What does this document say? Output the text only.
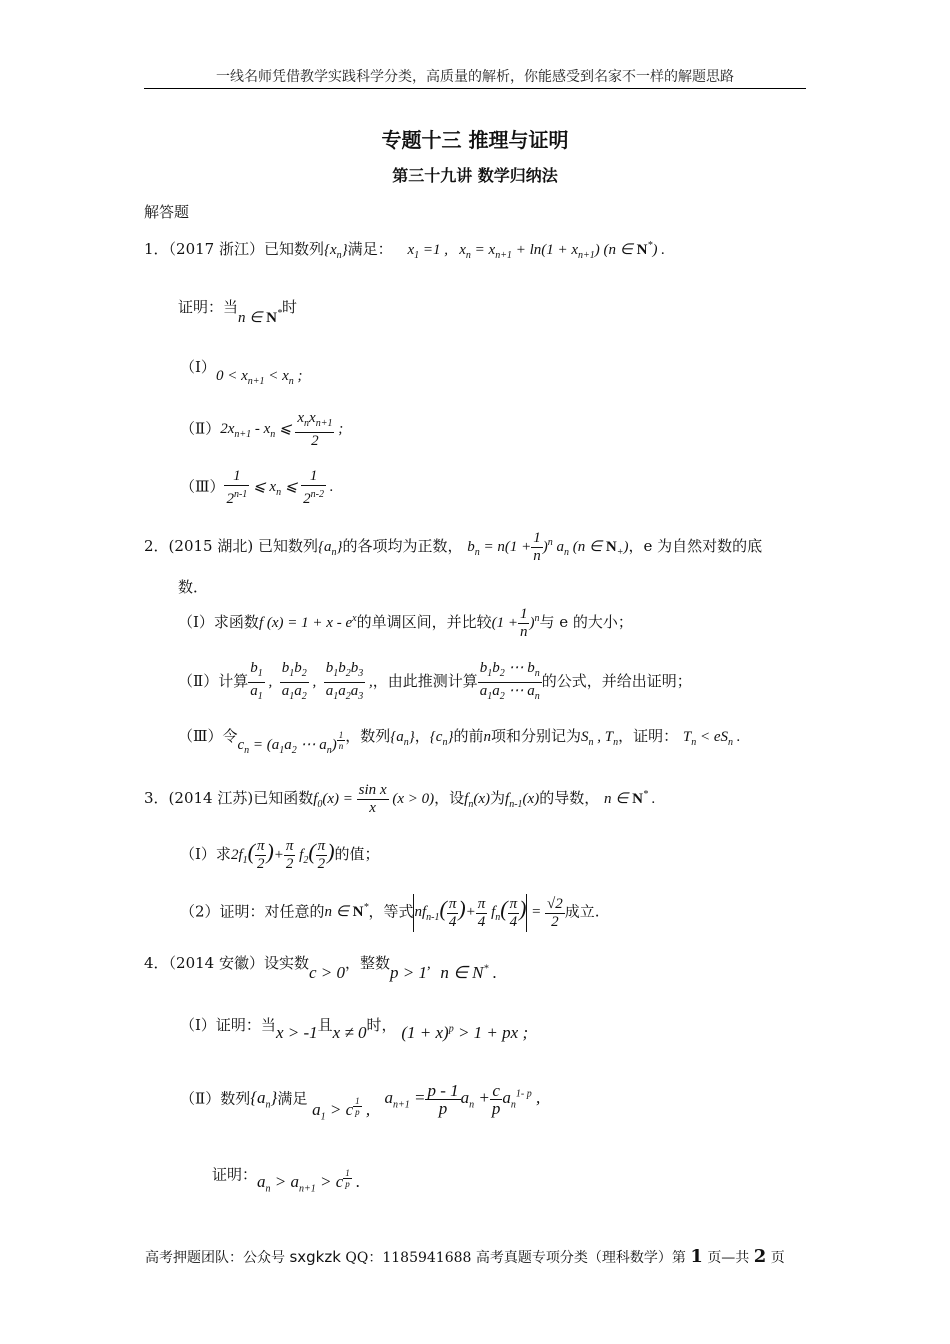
一线名师凭借教学实践科学分类，高质量的解析，你能感受到名家不一样的解题思路
专题十三 推理与证明
第三十九讲 数学归纳法
解答题
1．（2017 浙江）已知数列$\{x_n\}$满足： $x_1 =1$ ,   $x_n = x_{n+1} + \ln(1 + x_{n+1})$ (n ∈ N*) .
证明：当n ∈ N*时
（Ⅰ）0 < $x_{n+1} < x_n$ ;
$(Ⅱ)2x_{n+1} - x_n$ ⩽ $\frac{x_nx_{n+1}}{2}$ ;
（Ⅲ） $\frac{1}{2^{n-1}}$ ⩽ $x_n$ ⩽ $\frac{1}{2^{n-2}}$ .
2．(2015 湖北) 已知数列$\{a_n\}$的各项均为正数， $b_n = n(1 + \frac{1}{n} )^n$ $a_n$ (n ∈ $N_+$)，e 为自然对数的底
数．
（Ⅰ）求函数f $(x) = 1 + x - e^x$的单调区间，并比较$(1 + \frac{1}{n} )^n$与 e 的大小；
（Ⅱ）计算 $\frac{b_1}{a_1}$ , $\frac{b_1b_2}{a_1a_2}$ , $\frac{b_1b_2b_3}{a_1a_2a_3}$ ,，由此推测计算 $\frac{b_1b_2 \cdots b_n}{a_1a_2 \cdots a_n}$ 的公式，并给出证明；
（Ⅲ）令$c_n = (a_1a_2$ ⋯ $a_n$) $^{\frac{1}{n}}$ ，数列$\{a_n\}$，$\{c_n\}$的前n项和分别记为$S_n$ , $T_n$，证明： $T_n < eS_n$ .
3．(2014 江苏)已知函数$f_0(x) = \frac{\text{sin x}}{x} (x > 0)$，设$f_n(x)$为$f_{n-1}(x)$的导数， n ∈ N* .
（Ⅰ）求$2f_1( \frac{\pi}{2}$ )+ $\frac{\pi}{2} f_2( \frac{\pi}{2}$ )的值；
（2）证明：对任意的n ∈ N*，等式$nf_{n-1}( \frac{\pi}{4}$ )+ $\frac{\pi}{4} f_n( \frac{\pi}{4}$ ) = $\frac{√2}{2}$ 成立.
4．（2014 安徽）设实数c > 0，整数p > 1, n ∈ N* .
（Ⅰ）证明：当x > -1且x ≠ 0时， $(1 + x)^p > 1$ + px ;
（Ⅱ）数列$\{a_n\}$满足 $a_1 > c$ $^{\frac{1}{p}}$ ,   $a_{n+1} = \frac{p - 1}{p} a_n + \frac{c}{p} a_n^{1- p}$ ,
证明：$a_n > a_{n+1} > c$ $^{\frac{1}{p}}$ .
高考押题团队：公众号 sxgkzk QQ：1185941688 高考真题专项分类（理科数学）第 1 页—共 2 页
